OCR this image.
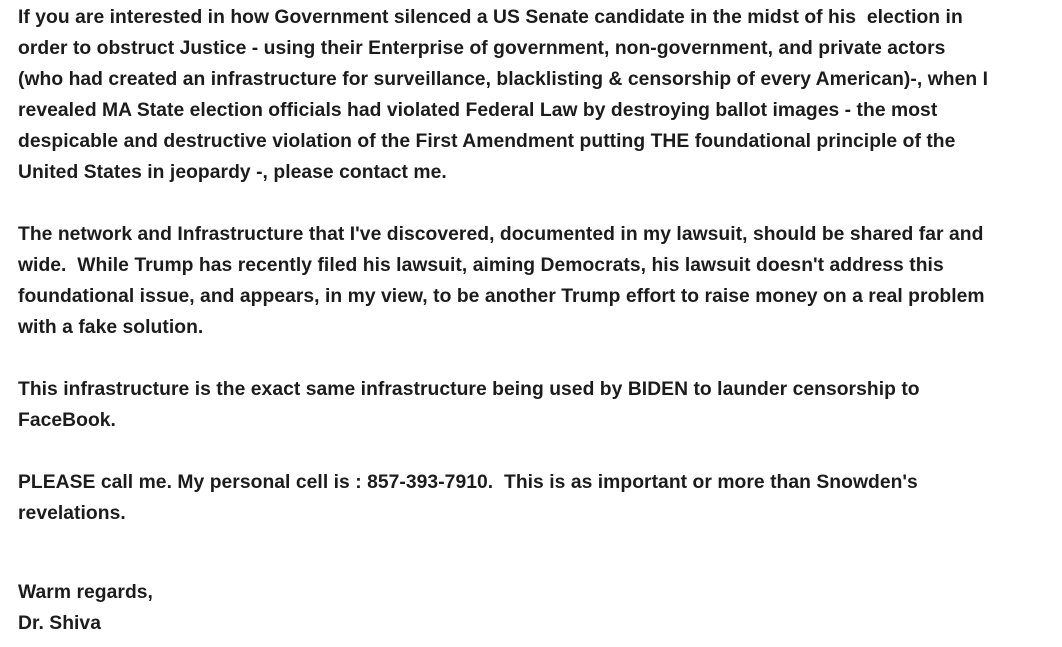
If you are interested in how Government silenced a US Senate candidate in the midst of his  election in
order to obstruct Justice - using their Enterprise of government, non-government, and private actors
(who had created an infrastructure for surveillance, blacklisting & censorship of every American)-, when I
revealed MA State election officials had violated Federal Law by destroying ballot images - the most
despicable and destructive violation of the First Amendment putting THE foundational principle of the
United States in jeopardy -, please contact me.
The network and Infrastructure that I've discovered, documented in my lawsuit, should be shared far and
wide.  While Trump has recently filed his lawsuit, aiming Democrats, his lawsuit doesn't address this
foundational issue, and appears, in my view, to be another Trump effort to raise money on a real problem
with a fake solution.
This infrastructure is the exact same infrastructure being used by BIDEN to launder censorship to
FaceBook.
PLEASE call me. My personal cell is : 857-393-7910.  This is as important or more than Snowden's
revelations.
Warm regards,
Dr. Shiva
